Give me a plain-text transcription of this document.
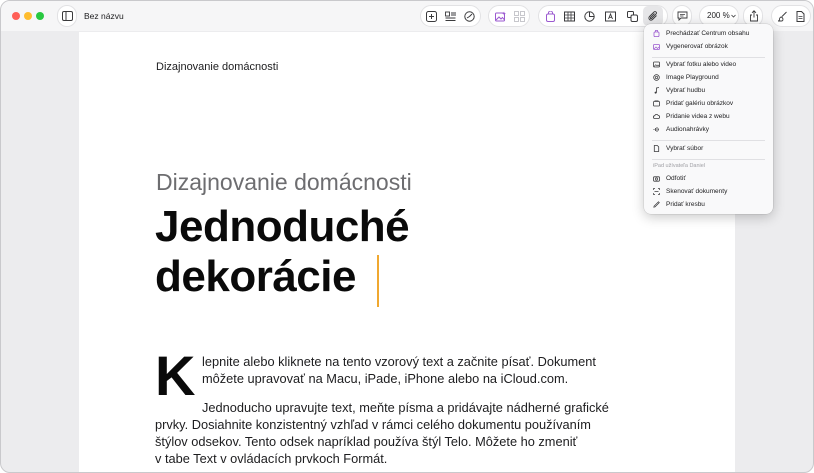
Bez názvu	200 %
Dizajnovanie domácnosti
Dizajnovanie domácnosti
Jednoduché
dekorácie
K lepnite alebo kliknete na tento vzorový text a začnite písať. Dokument
môžete upravovať na Macu, iPade, iPhone alebo na iCloud.com.
Jednoducho upravujte text, meňte písma a pridávajte nádherné grafické
prvky. Dosiahnite konzistentný vzhľad v rámci celého dokumentu používaním
štýlov odsekov. Tento odsek napríklad používa štýl Telo. Môžete ho zmeniť
v tabe Text v ovládacích prvkoch Formát.
Prechádzať Centrum obsahu
Vygenerovať obrázok
Vybrať fotku alebo video
Image Playground
Vybrať hudbu
Pridať galériu obrázkov
Pridanie videa z webu
Audionahrávky
Vybrať súbor
iPad užívateľa Daniel
Odfotiť
Skenovať dokumenty
Pridať kresbu
